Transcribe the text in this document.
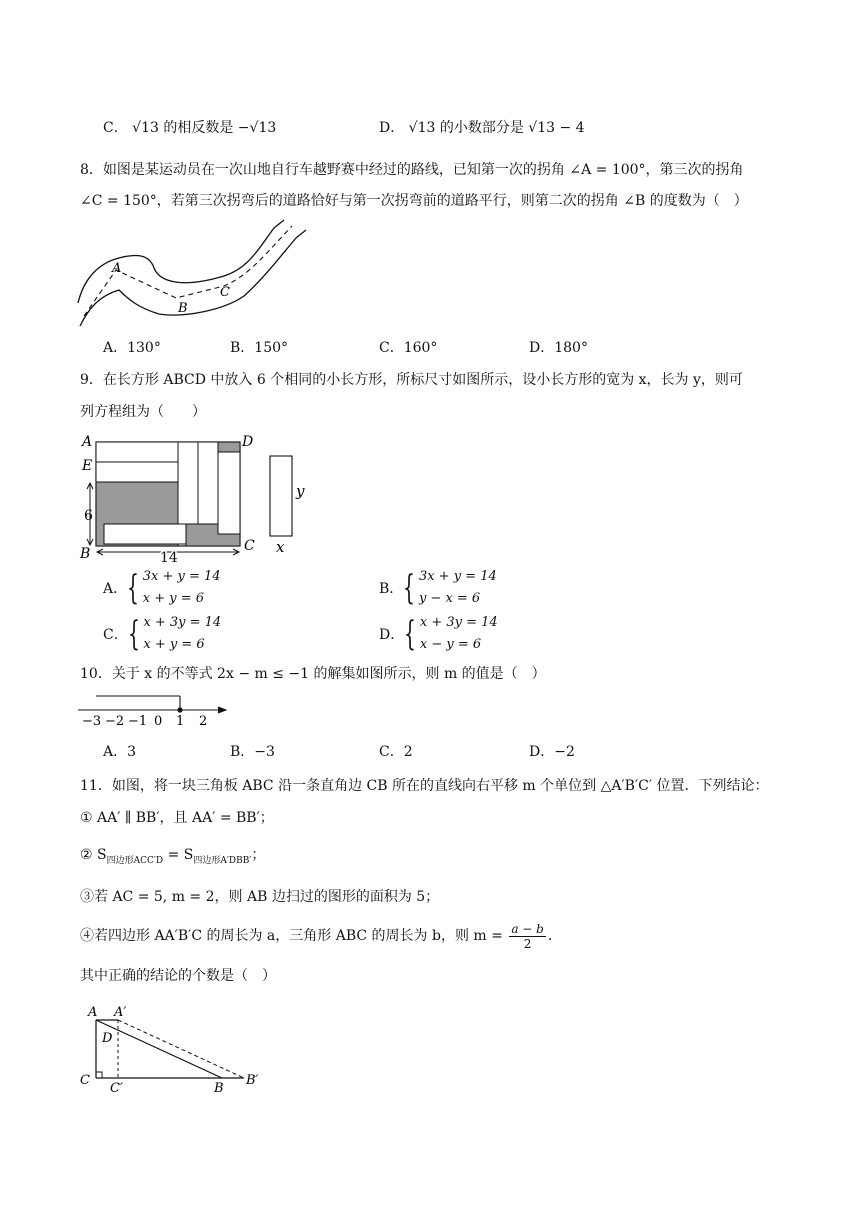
C． √13 的相反数是 −√13	D． √13 的小数部分是 √13 − 4
8．如图是某运动员在一次山地自行车越野赛中经过的路线，已知第一次的拐角 ∠A = 100°，第三次的拐角
∠C = 150°，若第三次拐弯后的道路恰好与第一次拐弯前的道路平行，则第二次的拐角 ∠B 的度数为（　）
A
B
C
A．130°	B．150°	C．160°	D．180°
9．在长方形 ABCD 中放入 6 个相同的小长方形，所标尺寸如图所示，设小长方形的宽为 x，长为 y，则可
列方程组为（　　）
6
14
A	D
E
B	C
y
x
A． { 3x + y = 14
x + y = 6
B． { 3x + y = 14
y − x = 6
C． { x + 3y = 14
x + y = 6
D． { x + 3y = 14
x − y = 6
10．关于 x 的不等式 2x − m ≤ −1 的解集如图所示，则 m 的值是（　）
−3 −2 −1 0 1 2
A．3	B．−3	C．2	D．−2
11．如图，将一块三角板 ABC 沿一条直角边 CB 所在的直线向右平移 m 个单位到 △A′B′C′ 位置．下列结论：
① AA′ ∥ BB′，且 AA′ = BB′；
② $S_{四边形ACC'D} = S_{四边形A'DBB'}$；
③若 AC = 5, m = 2，则 AB 边扫过的图形的面积为 5；
④若四边形 AA′B′C 的周长为 a，三角形 ABC 的周长为 b，则 $m = \frac{a - b}{2}$ ．
其中正确的结论的个数是（　）
A A′
D
C
C′	B
B′
